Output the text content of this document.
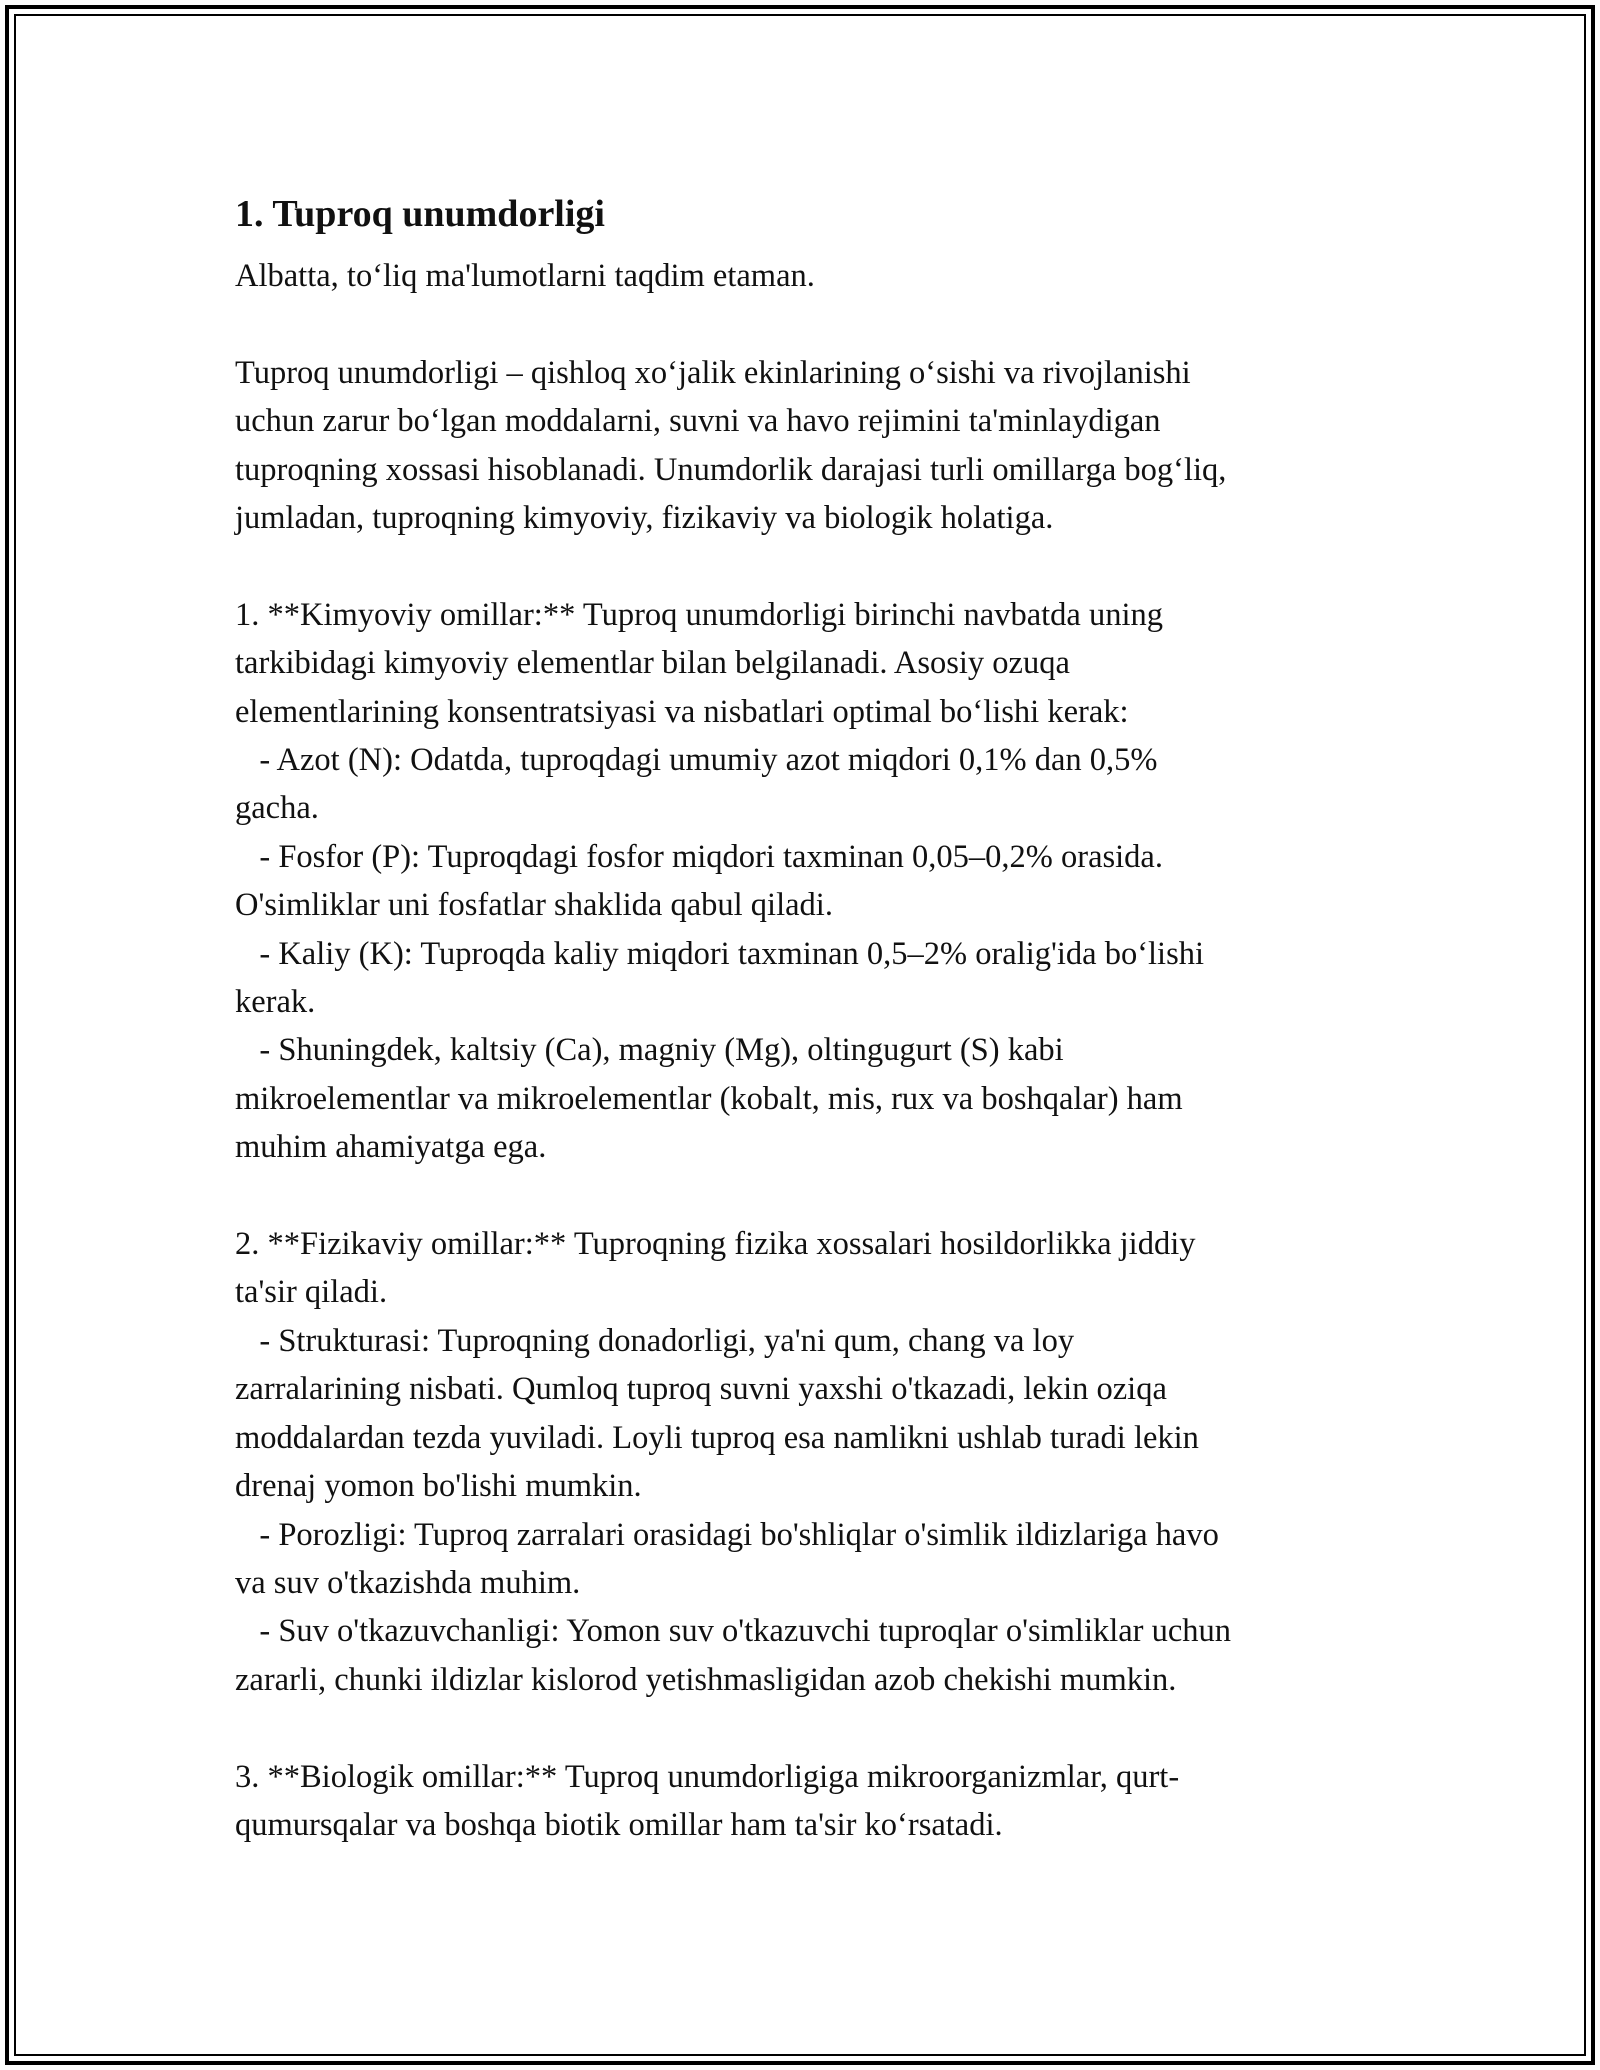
1. Tuproq unumdorligi

Albatta, to‘liq ma'lumotlarni taqdim etaman.

Tuproq unumdorligi – qishloq xo‘jalik ekinlarining o‘sishi va rivojlanishi
uchun zarur bo‘lgan moddalarni, suvni va havo rejimini ta'minlaydigan
tuproqning xossasi hisoblanadi. Unumdorlik darajasi turli omillarga bog‘liq,
jumladan, tuproqning kimyoviy, fizikaviy va biologik holatiga.

1. **Kimyoviy omillar:** Tuproq unumdorligi birinchi navbatda uning
tarkibidagi kimyoviy elementlar bilan belgilanadi. Asosiy ozuqa
elementlarining konsentratsiyasi va nisbatlari optimal bo‘lishi kerak:
- Azot (N): Odatda, tuproqdagi umumiy azot miqdori 0,1% dan 0,5%
gacha.
- Fosfor (P): Tuproqdagi fosfor miqdori taxminan 0,05–0,2% orasida.
O'simliklar uni fosfatlar shaklida qabul qiladi.
- Kaliy (K): Tuproqda kaliy miqdori taxminan 0,5–2% oralig'ida bo‘lishi
kerak.
- Shuningdek, kaltsiy (Ca), magniy (Mg), oltingugurt (S) kabi
mikroelementlar va mikroelementlar (kobalt, mis, rux va boshqalar) ham
muhim ahamiyatga ega.

2. **Fizikaviy omillar:** Tuproqning fizika xossalari hosildorlikka jiddiy
ta'sir qiladi.
- Strukturasi: Tuproqning donadorligi, ya'ni qum, chang va loy
zarralarining nisbati. Qumloq tuproq suvni yaxshi o'tkazadi, lekin oziqa
moddalardan tezda yuviladi. Loyli tuproq esa namlikni ushlab turadi lekin
drenaj yomon bo'lishi mumkin.
- Porozligi: Tuproq zarralari orasidagi bo'shliqlar o'simlik ildizlariga havo
va suv o'tkazishda muhim.
- Suv o'tkazuvchanligi: Yomon suv o'tkazuvchi tuproqlar o'simliklar uchun
zararli, chunki ildizlar kislorod yetishmasligidan azob chekishi mumkin.

3. **Biologik omillar:** Tuproq unumdorligiga mikroorganizmlar, qurt-
qumursqalar va boshqa biotik omillar ham ta'sir ko‘rsatadi.
